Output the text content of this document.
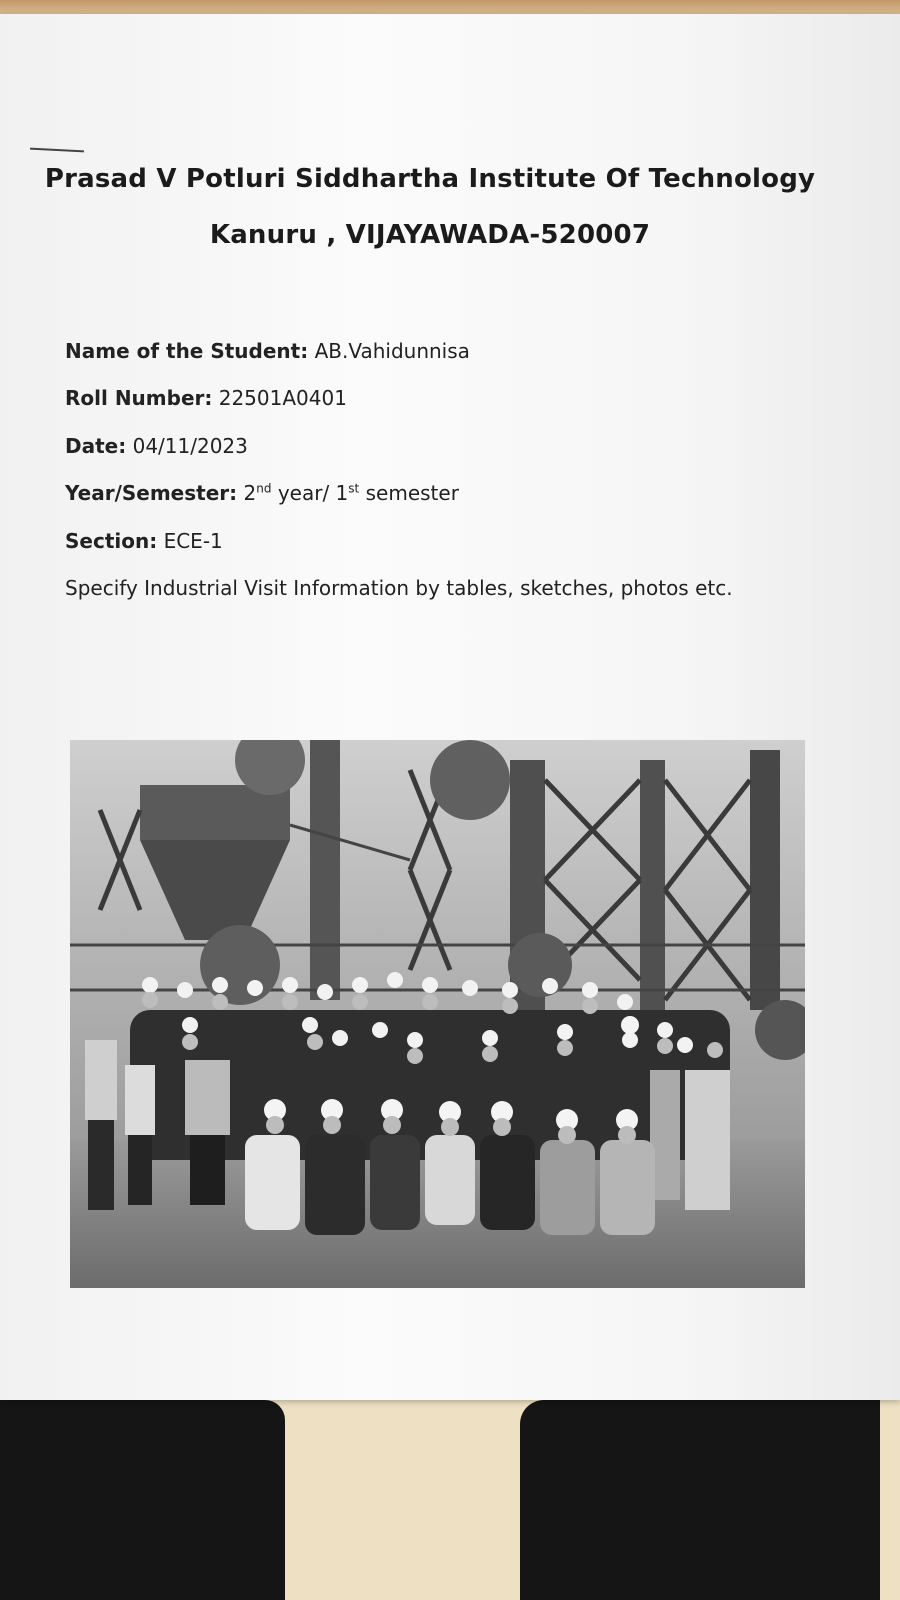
Prasad V Potluri Siddhartha Institute Of Technology
Kanuru , VIJAYAWADA-520007
Name of the Student: AB.Vahidunnisa
Roll Number: 22501A0401
Date: 04/11/2023
Year/Semester: 2nd year/ 1st semester
Section: ECE-1
Specify Industrial Visit Information by tables, sketches, photos etc.
